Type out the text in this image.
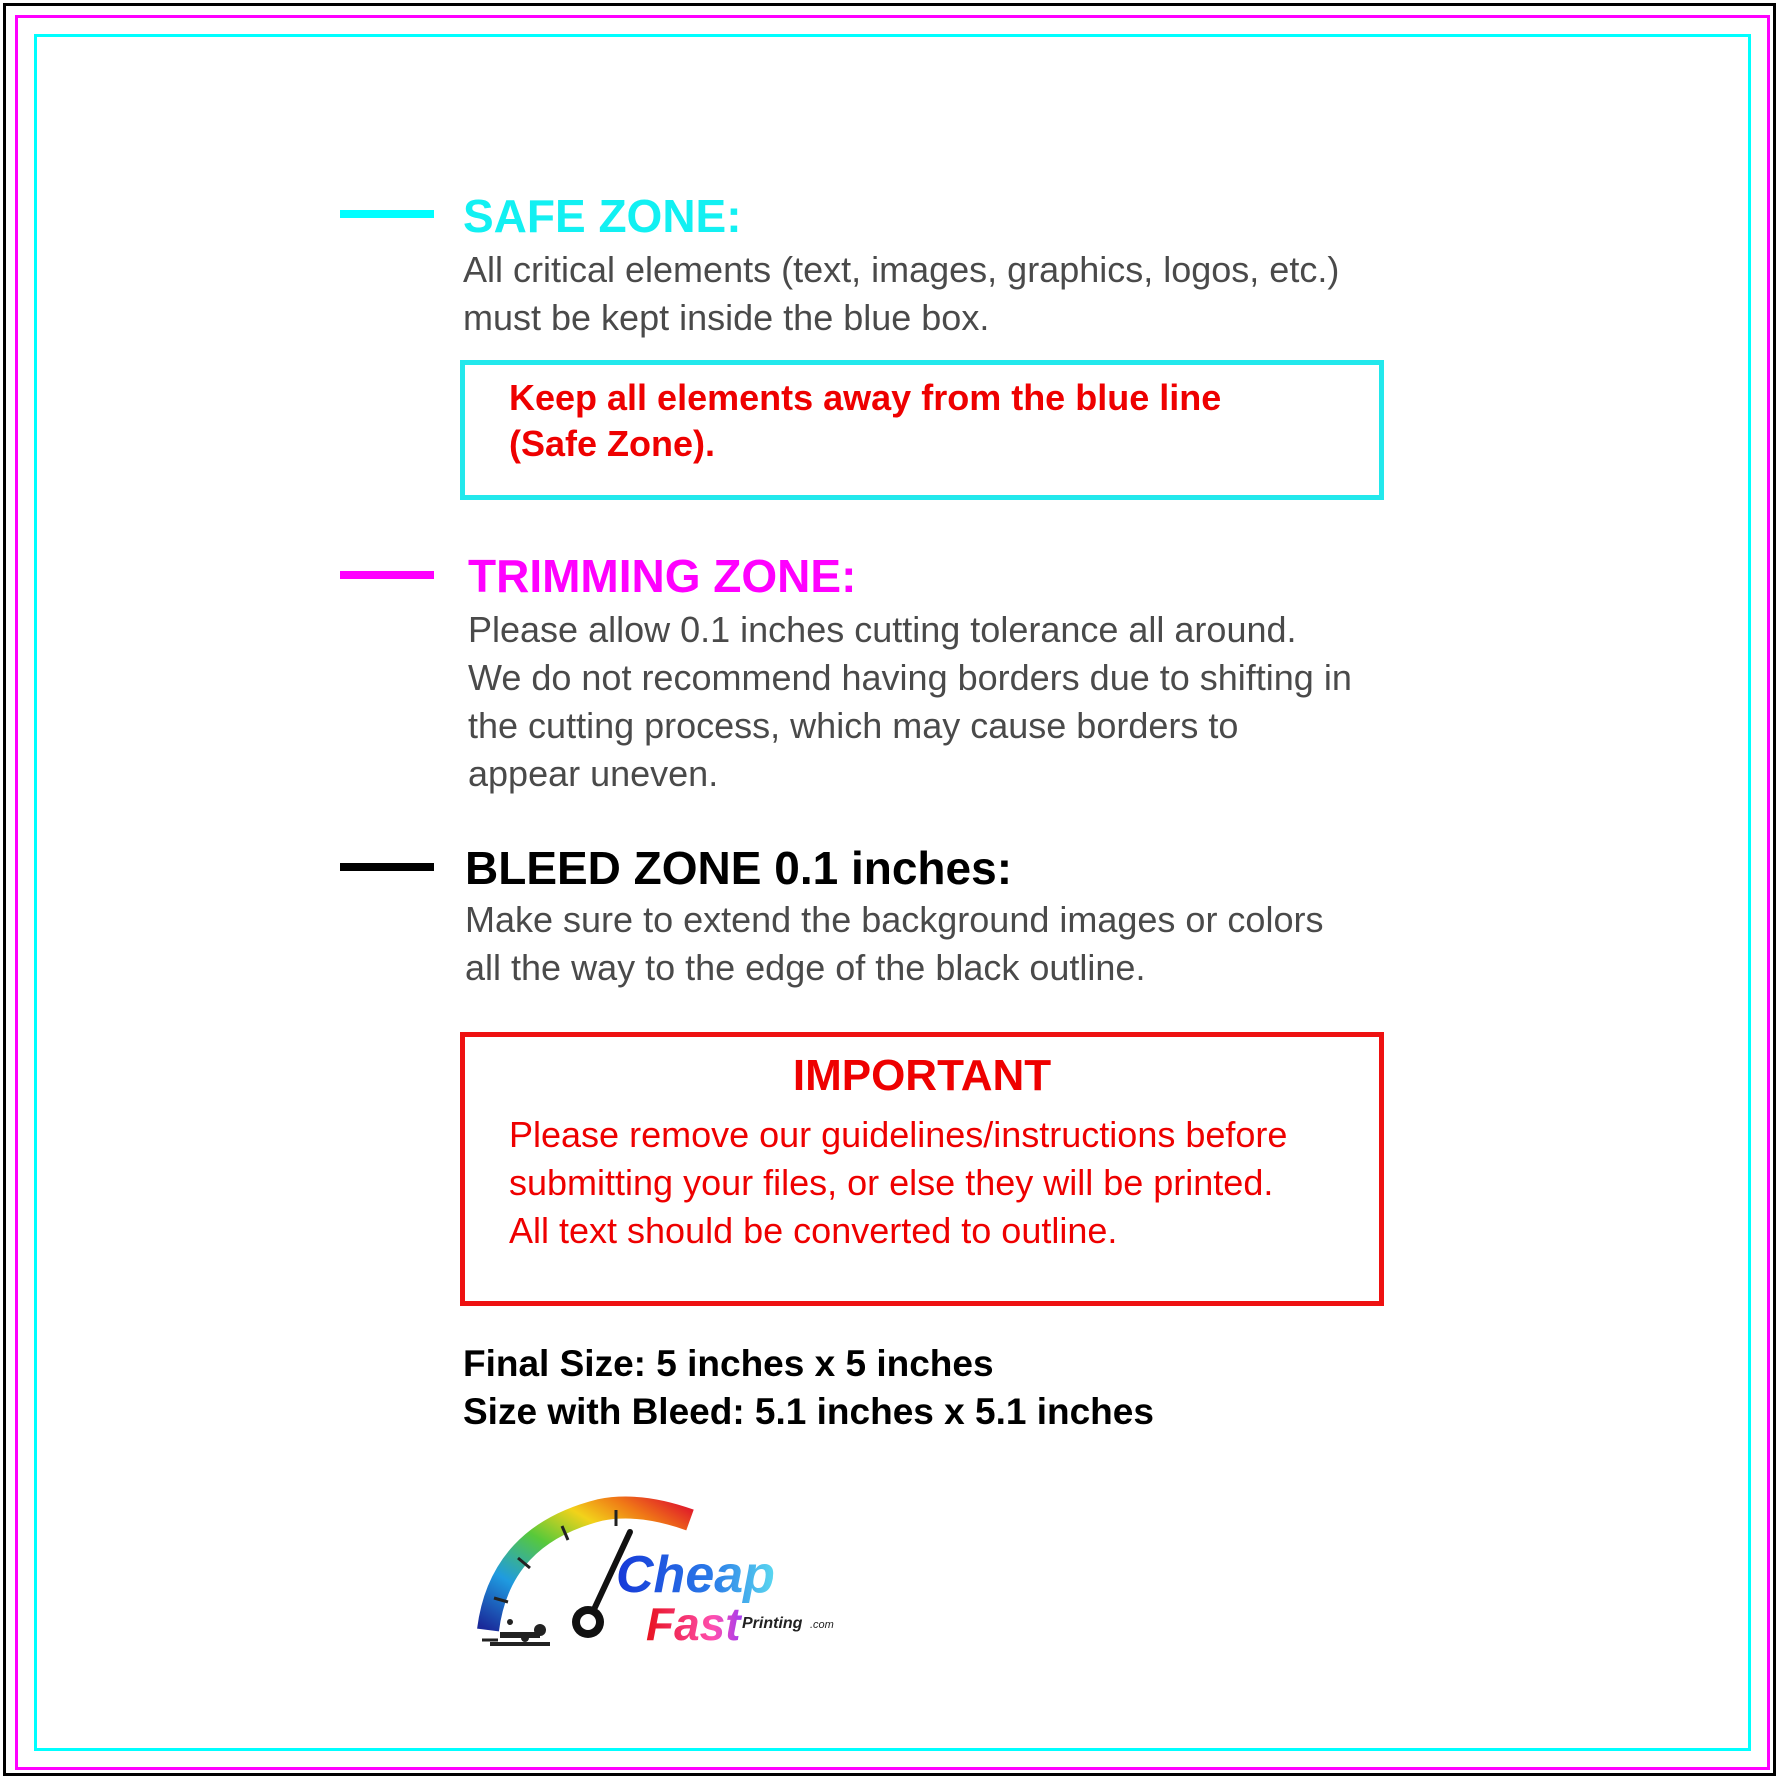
SAFE ZONE:
All critical elements (text, images, graphics, logos, etc.)
must be kept inside the blue box.
Keep all elements away from the blue line
(Safe Zone).
TRIMMING ZONE:
Please allow 0.1 inches cutting tolerance all around.
We do not recommend having borders due to shifting in
the cutting process, which may cause borders to
appear uneven.
BLEED ZONE 0.1 inches:
Make sure to extend the background images or colors
all the way to the edge of the black outline.
IMPORTANT
Please remove our guidelines/instructions before
submitting your files, or else they will be printed.
All text should be converted to outline.
Final Size: 5 inches x 5 inches
Size with Bleed: 5.1 inches x 5.1 inches
Cheap
Fast Printing .com
